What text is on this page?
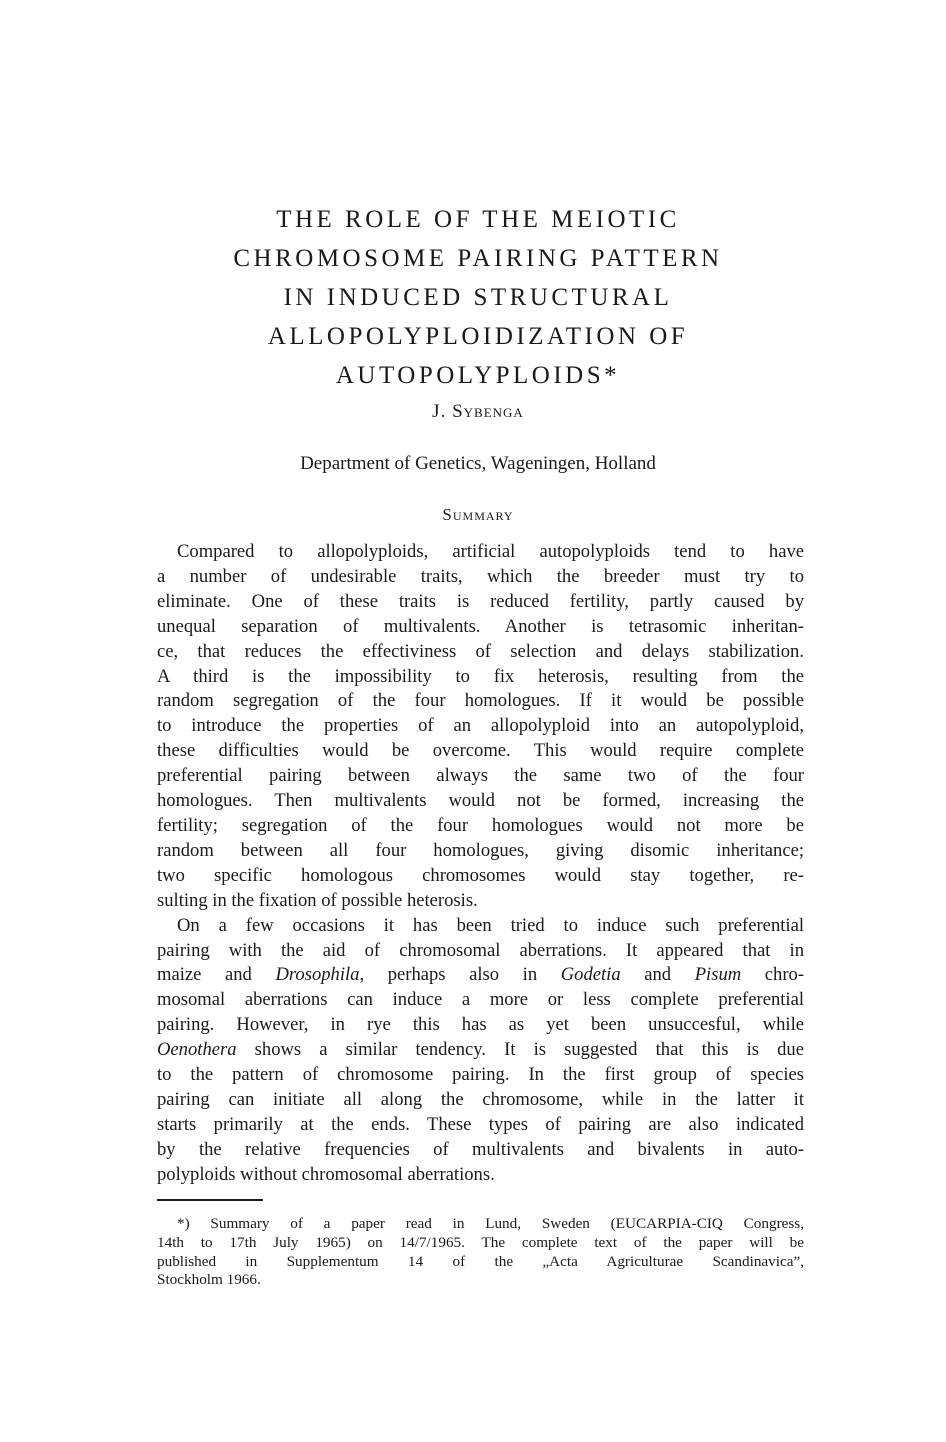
THE ROLE OF THE MEIOTIC
CHROMOSOME PAIRING PATTERN
IN INDUCED STRUCTURAL
ALLOPOLYPLOIDIZATION OF
AUTOPOLYPLOIDS*
J. Sybenga
Department of Genetics, Wageningen, Holland
Summary

Compared to allopolyploids, artificial autopolyploids tend to have
a number of undesirable traits, which the breeder must try to
eliminate. One of these traits is reduced fertility, partly caused by
unequal separation of multivalents. Another is tetrasomic inheritan-
ce, that reduces the effectiviness of selection and delays stabilization.
A third is the impossibility to fix heterosis, resulting from the
random segregation of the four homologues. If it would be possible
to introduce the properties of an allopolyploid into an autopolyploid,
these difficulties would be overcome. This would require complete
preferential pairing between always the same two of the four
homologues. Then multivalents would not be formed, increasing the
fertility; segregation of the four homologues would not more be
random between all four homologues, giving disomic inheritance;
two specific homologous chromosomes would stay together, re-
sulting in the fixation of possible heterosis.

On a few occasions it has been tried to induce such preferential
pairing with the aid of chromosomal aberrations. It appeared that in
maize and Drosophila, perhaps also in Godetia and Pisum chro-
mosomal aberrations can induce a more or less complete preferential
pairing. However, in rye this has as yet been unsuccesful, while
Oenothera shows a similar tendency. It is suggested that this is due
to the pattern of chromosome pairing. In the first group of species
pairing can initiate all along the chromosome, while in the latter it
starts primarily at the ends. These types of pairing are also indicated
by the relative frequencies of multivalents and bivalents in auto-
polyploids without chromosomal aberrations.

*) Summary of a paper read in Lund, Sweden (EUCARPIA-CIQ Congress,
14th to 17th July 1965) on 14/7/1965. The complete text of the paper will be
published in Supplementum 14 of the „Acta Agriculturae Scandinavica”,
Stockholm 1966.
